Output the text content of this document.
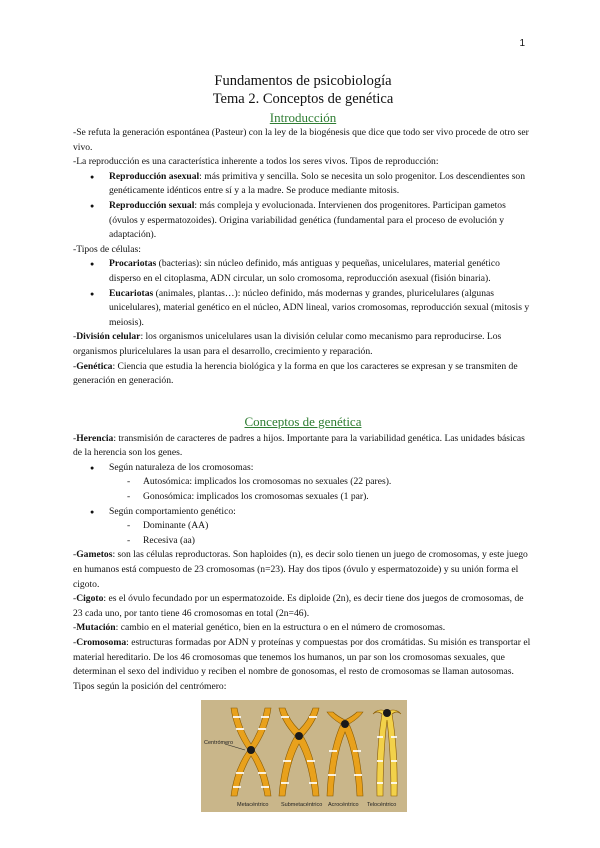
1
Fundamentos de psicobiología
Tema 2. Conceptos de genética
Introducción

-Se refuta la generación espontánea (Pasteur) con la ley de la biogénesis que dice que todo ser vivo procede de otro ser vivo.

-La reproducción es una característica inherente a todos los seres vivos. Tipos de reproducción:

● Reproducción asexual: más primitiva y sencilla. Solo se necesita un solo progenitor. Los descendientes son genéticamente idénticos entre sí y a la madre. Se produce mediante mitosis.
● Reproducción sexual: más compleja y evolucionada. Intervienen dos progenitores. Participan gametos (óvulos y espermatozoides). Origina variabilidad genética (fundamental para el proceso de evolución y adaptación).

-Tipos de células:

● Procariotas (bacterias): sin núcleo definido, más antiguas y pequeñas, unicelulares, material genético disperso en el citoplasma, ADN circular, un solo cromosoma, reproducción asexual (fisión binaria).
● Eucariotas (animales, plantas…): núcleo definido, más modernas y grandes, pluricelulares (algunas unicelulares), material genético en el núcleo, ADN lineal, varios cromosomas, reproducción sexual (mitosis y meiosis).

-División celular: los organismos unicelulares usan la división celular como mecanismo para reproducirse. Los organismos pluricelulares la usan para el desarrollo, crecimiento y reparación.

-Genética: Ciencia que estudia la herencia biológica y la forma en que los caracteres se expresan y se transmiten de generación en generación.

Conceptos de genética

-Herencia: transmisión de caracteres de padres a hijos. Importante para la variabilidad genética. Las unidades básicas de la herencia son los genes.

● Según naturaleza de los cromosomas:
- Autosómica: implicados los cromosomas no sexuales (22 pares).
- Gonosómica: implicados los cromosomas sexuales (1 par).
● Según comportamiento genético:
- Dominante (AA)
- Recesiva (aa)

-Gametos: son las células reproductoras. Son haploides (n), es decir solo tienen un juego de cromosomas, y este juego en humanos está compuesto de 23 cromosomas (n=23). Hay dos tipos (óvulo y espermatozoide) y su unión forma el cigoto.

-Cigoto: es el óvulo fecundado por un espermatozoide. Es diploide (2n), es decir tiene dos juegos de cromosomas, de 23 cada uno, por tanto tiene 46 cromosomas en total (2n=46).

-Mutación: cambio en el material genético, bien en la estructura o en el número de cromosomas.

-Cromosoma: estructuras formadas por ADN y proteínas y compuestas por dos cromátidas. Su misión es transportar el material hereditario. De los 46 cromosomas que tenemos los humanos, un par son los cromosomas sexuales, que determinan el sexo del individuo y reciben el nombre de gonosomas, el resto de cromosomas se llaman autosomas. Tipos según la posición del centrómero:

Centrómero
Metacéntrico Submetacéntrico Acrocéntrico Telocéntrico
